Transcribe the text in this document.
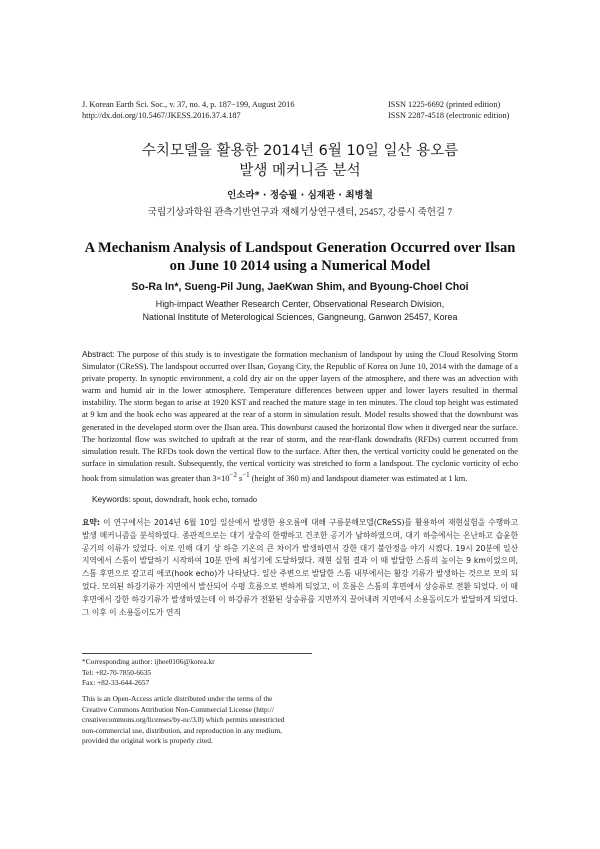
J. Korean Earth Sci. Soc., v. 37, no. 4, p. 187−199, August 2016
http://dx.doi.org/10.5467/JKESS.2016.37.4.187
ISSN 1225-6692 (printed edition)
ISSN 2287-4518 (electronic edition)
수치모델을 활용한 2014년 6월 10일 일산 용오름
발생 메커니즘 분석
인소라* · 정승필 · 심재관 · 최병철
국립기상과학원 관측기반연구과 재해기상연구센터, 25457, 강릉시 죽헌길 7
A Mechanism Analysis of Landspout Generation Occurred over Ilsan
on June 10 2014 using a Numerical Model
So-Ra In*, Sueng-Pil Jung, JaeKwan Shim, and Byoung-Choel Choi
High-impact Weather Research Center, Observational Research Division,
National Institute of Meterological Sciences, Gangneung, Ganwon 25457, Korea
Abstract: The purpose of this study is to investigate the formation mechanism of landspout by using the Cloud Resolving Storm Simulator (CReSS). The landspout occurred over Ilsan, Goyang City, the Republic of Korea on June 10, 2014 with the damage of a private property. In synoptic environment, a cold dry air on the upper layers of the atmosphere, and there was an advection with warm and humid air in the lower atmosphere. Temperature differences between upper and lower layers resulted in thermal instability. The storm began to arise at 1920 KST and reached the mature stage in ten minutes. The cloud top height was estimated at 9 km and the hook echo was appeared at the rear of a storm in simulation result. Model results showed that the downburst was generated in the developed storm over the Ilsan area. This downburst caused the horizontal flow when it diverged near the surface. The horizontal flow was switched to updraft at the rear of storm, and the rear-flank downdrafts (RFDs) current occurred from simulation result. The RFDs took down the vertical flow to the surface. After then, the vertical vorticity could be generated on the surface in simulation result. Subsequently, the vertical vorticity was stretched to form a landspout. The cyclonic vorticity of echo hook from simulation was greater than $3\times 10^{-2}$ $s^{-1}$ (height of 360 m) and landspout diameter was estimated at 1 km.
Keywords: spout, downdraft, hook echo, tornado
요약: 이 연구에서는 2014년 6월 10일 일산에서 발생한 용오름에 대해 구름분해모델(CReSS)를 활용하여 재현실험을 수행하고 발생 메커니즘을 분석하였다. 종관적으로는 대기 상층의 한랭하고 건조한 공기가 남하하였으며, 대기 하층에서는 온난하고 습윤한 공기의 이류가 있었다. 이로 인해 대기 상 하층 기온의 큰 차이가 발생하면서 강한 대기 불안정을 야기 시켰다. 19시 20분에 일산 지역에서 스톰이 발달하기 시작하여 10분 만에 최성기에 도달하였다. 재현 실험 결과 이 때 발달한 스톰의 높이는 9 km이었으며, 스톰 후면으로 갈고리 에코(hook echo)가 나타났다. 일산 주변으로 발달한 스톰 내부에서는 활강 기류가 발생하는 것으로 모의 되었다. 모의된 하강기류가 지면에서 발산되어 수평 흐름으로 변하게 되었고, 이 흐름은 스톰의 후면에서 상승류로 전환 되었다. 이 때 후면에서 강한 하강기류가 발생하였는데 이 하강류가 전환된 상승류를 지면까지 끌어내려 지면에서 소용돌이도가 발달하게 되었다. 그 이후 이 소용돌이도가 연직
*Corresponding author: ijhee0106@korea.kr
Tel: +82-70-7850-6635
Fax: +82-33-644-2657
This is an Open-Access article distributed under the terms of the
Creative Commons Attribution Non-Commercial License (http://
creativecommons.org/licenses/by-nc/3.0) which permits unrestricted
non-commercial use, distribution, and reproduction in any medium,
provided the original work is properly cited.
